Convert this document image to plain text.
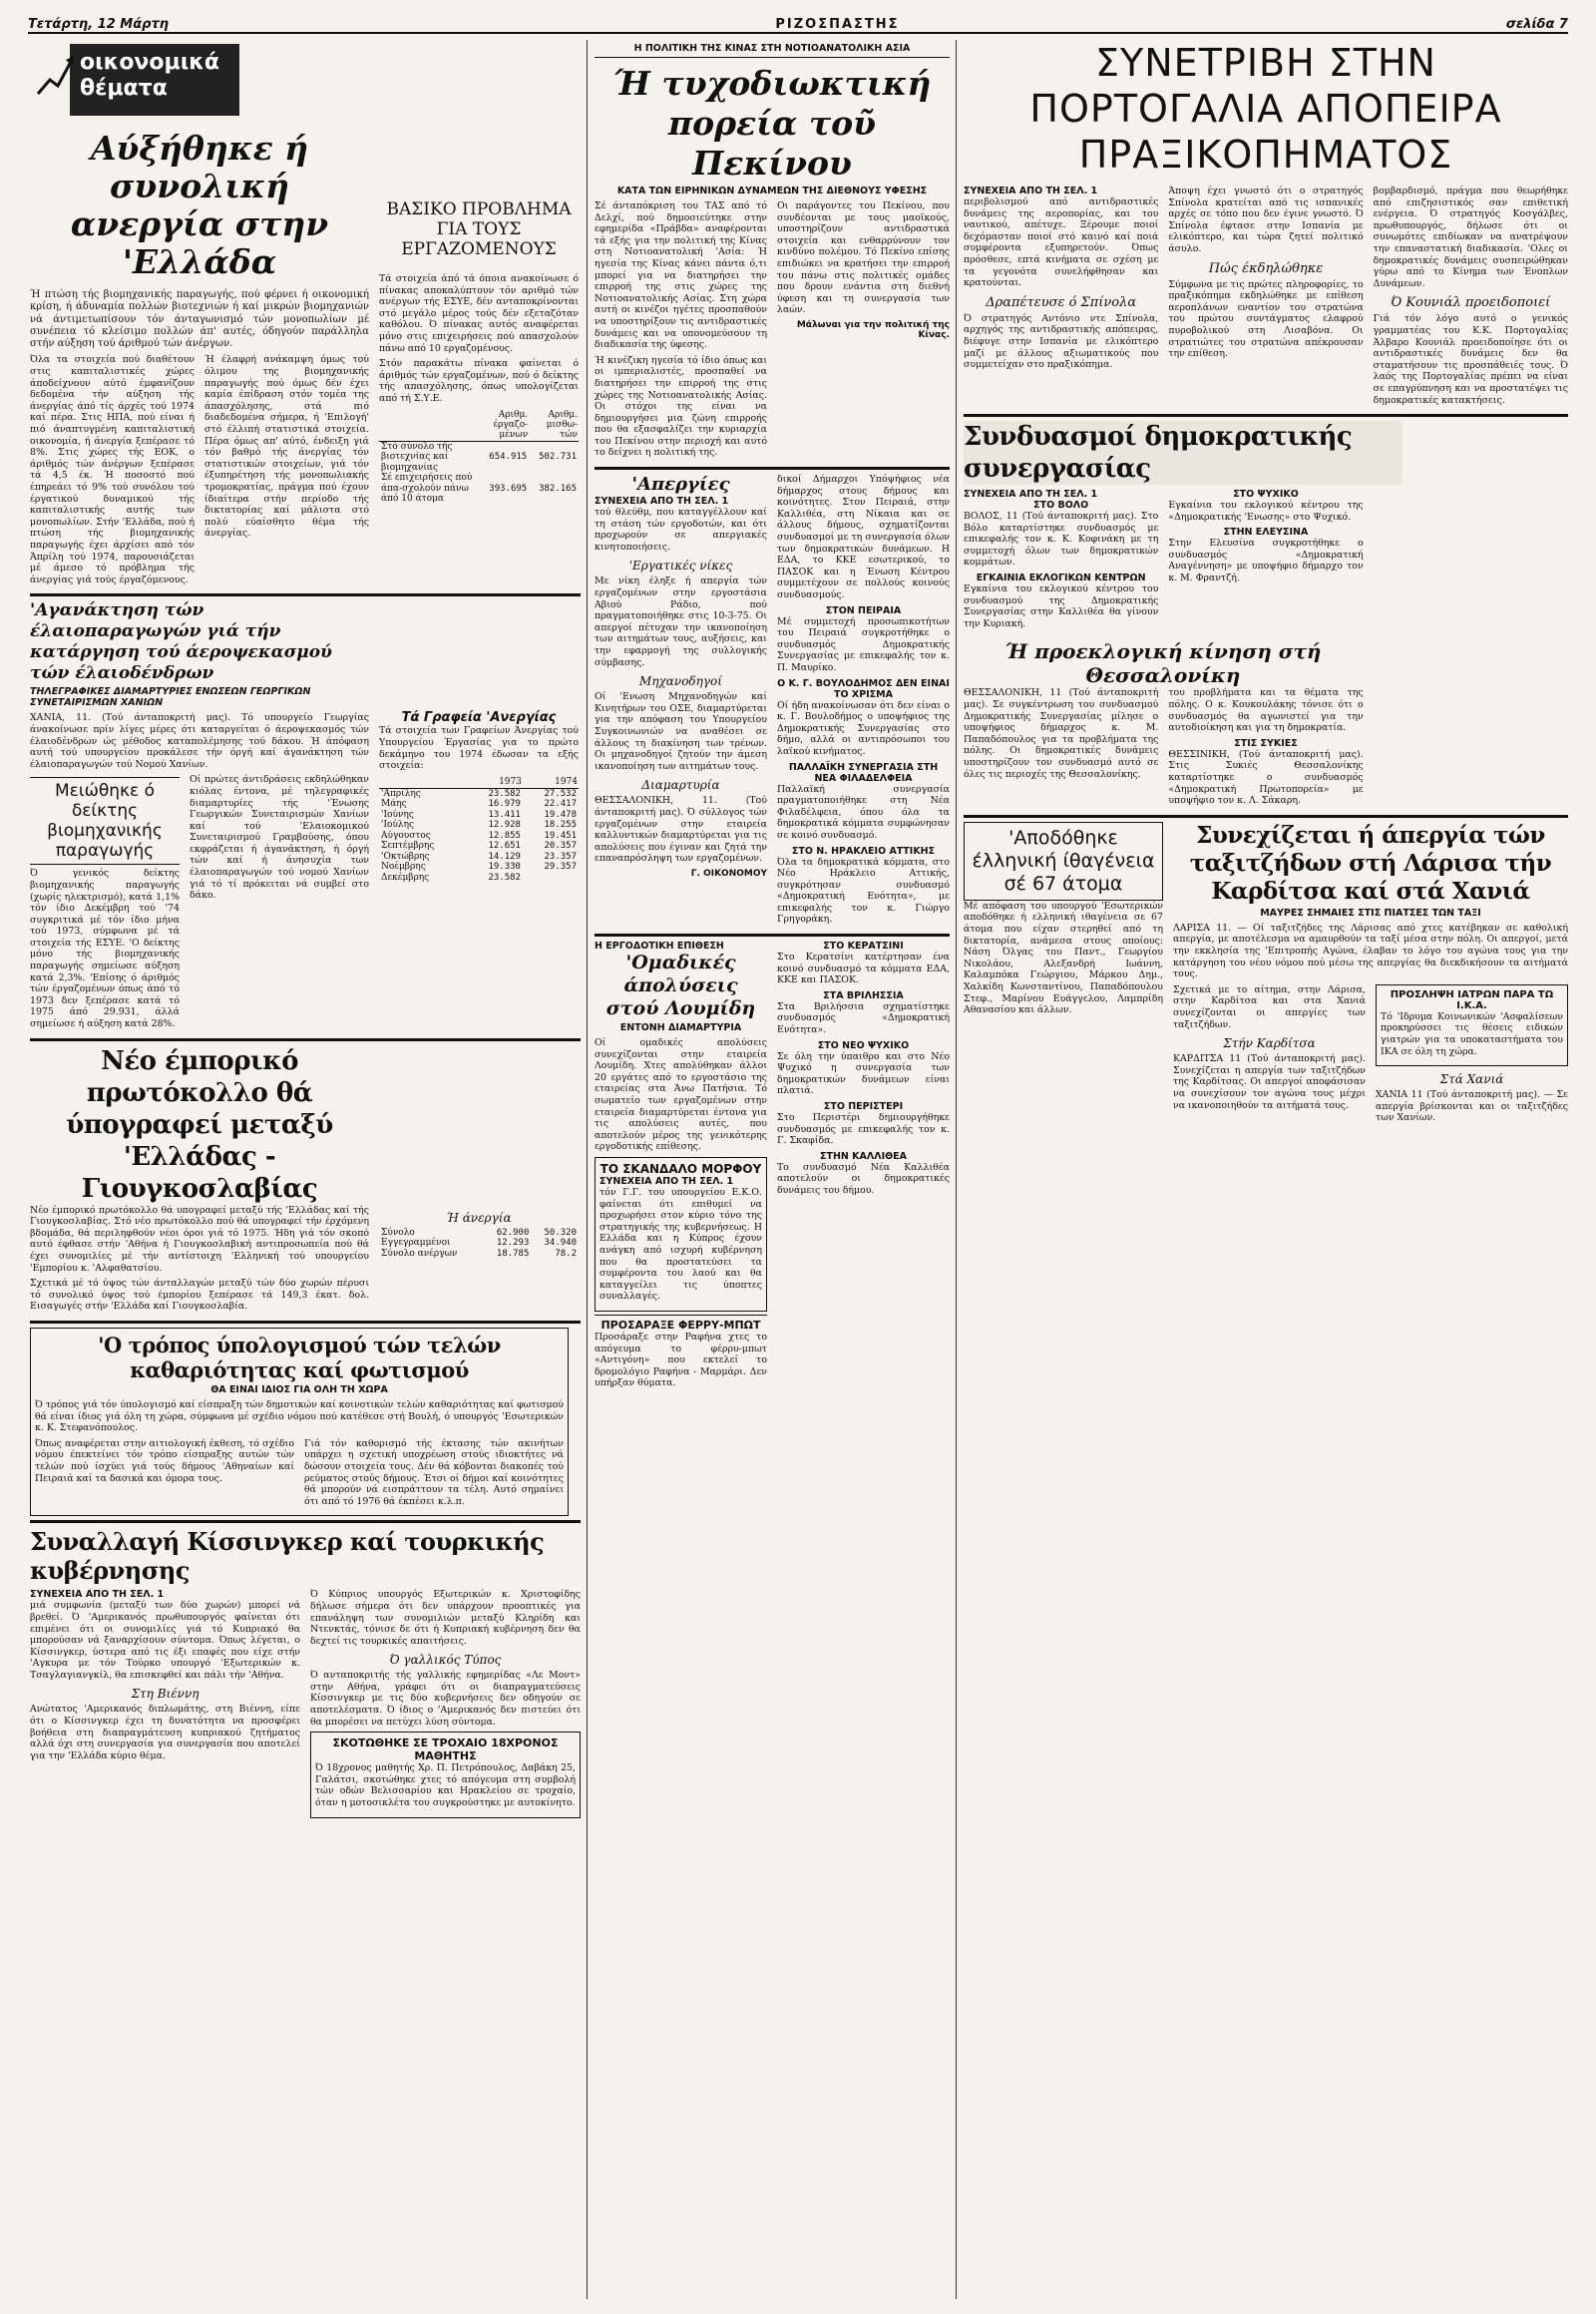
Τετάρτη, 12 Μάρτη	ΡΙΖΟΣΠΑΣΤΗΣ	σελίδα 7
οικονομικά θέματα
Αύξήθηκε ή συνολική ανεργία στην 'Ελλάδα

Ή πτώση τής βιομηχανικής παραγωγής, πού φέρνει ή οικονομική κρίση, ή άδυναμία πολλών βιοτεχνιών ή καί μικρών βιομηχανιών νά άντιμετωπίσουν τόν άνταγωνισμό τών μονοπωλίων μέ συνέπεια τό κλείσιμο πολλών άπ' αυτές, όδηγούν παράλληλα στήν αύξηση τού άριθμού τών άνέργων.

Όλα τα στοιχεία πού διαθέτουν στις καπιταλιστικές χώρες άποδείχνουν αύτό έμφανίζουν δεδομένα τήν αύξηση τής άνεργίας άπό τίς άρχές τού 1974 καί πέρα. Στις ΗΠΑ, πού είναι ή πιό άναπτυγμένη καπιταλιστική οικονομία, ή άνεργία ξεπέρασε τό 8%. Στις χώρες τής ΕΟΚ, ο άριθμός τών άνέργων ξεπέρασε τά 4,5 έκ. Ή ποσοστό πού έπηρεάει τό 9% τού συνόλου τού έργατικού δυναμικού τής καπιταλιστικής αυτής των μονοπωλίων. Στήν 'Ελλάδα, πού ή πτώση τής βιομηχανικής παραγωγής έχει άρχίσει από τόν Άπρίλη τού 1974, παρουσιάζεται μέ άμεσο τό πρόβλημα τής άνεργίας γιά τούς έργαζόμενους.

Ή έλαφρή ανάκαμψη όμως τού όλιμου της βιομηχανικής παραγωγής πού όμως δέν έχει καμία έπίδραση στόν τομέα της άπασχόλησης, στά πιό διαδεδομένα σήμερα, ή 'Επιλογή' στό έλλιπή στατιστικά στοιχεία. Πέρα όμως απ' αύτό, ένδειξη γιά τόν βαθμό τής άνεργίας τόν στατιστικών στοιχείων, γιά τόν έξυπηρέτηση τής μονοπωλιακής τρομοκρατίας, πράγμα πού έχουν ίδιαίτερα στήν περίοδο τής δικτατορίας καί μάλιστα στό πολύ εύαίσθητο θέμα τής άνεργίας.

ΒΑΣΙΚΟ ΠΡΟΒΛΗΜΑ ΓΙΑ ΤΟΥΣ ΕΡΓΑΖΟΜΕΝΟΥΣ

Τά στοιχεία άπό τά όποια ανακοίνωσε ό πίνακας αποκαλύπτουν τόν αριθμό τών ανέργων τής ΕΣΥΕ, δέν ανταποκρίνονται στό μεγάλο μέρος τούς δέν εξεταζόταν καθόλου. Ό πίνακας αυτός αναφέρεται μόνο στις επιχειρήσεις πού απασχολούν πάνω από 10 εργαζομένους.

Στόν παρακάτω πίνακα φαίνεται ό άριθμός τών εργαζομένων, πού ό δείκτης τής απασχόλησης, όπως υπολογίζεται από τή Σ.Υ.Ε.

	Αριθμ. έργαζο-μένων	Αριθμ. μισθω-τών
Στό σύνολο τής βιοτεχνίας καί βιομηχανίας	654.915	502.731
Σέ επιχειρήσεις πού άπα-σχολούν πάνω άπό 10 άτομα	393.695	382.165
'Αγανάκτηση τών έλαιοπαραγωγών γιά τήν κατάργηση τού άεροψεκασμού τών έλαιοδένδρων
ΤΗΛΕΓΡΑΦΙΚΕΣ ΔΙΑΜΑΡΤΥΡΙΕΣ ΕΝΩΣΕΩΝ ΓΕΩΡΓΙΚΩΝ ΣΥΝΕΤΑΙΡΙΣΜΩΝ ΧΑΝΙΩΝ

ΧΑΝΙΑ, 11. (Τού άνταποκριτή μας). Τό υπουργείο Γεωργίας άνακοίνωσε πρίν λίγες μέρες ότι καταργείται ό άεροψεκασμός τών έλαιοδένδρων ώς μέθοδος καταπολέμησης τού δάκου. Ή άπόφαση αυτή τού υπουργείου προκάλεσε τήν όργή καί άγανάκτηση τών έλαιοπαραγωγών τού Νομού Χανίων.

Μειώθηκε ό δείκτης βιομηχανικής παραγωγής

Ό γενικός δείκτης βιομηχανικής παραγωγής (χωρίς ηλεκτρισμό), κατά 1,1% τόν ίδιο Δεκέμβρη τού '74 συγκριτικά μέ τόν ίδιο μήνα τού 1973, σύμφωνα μέ τά στοιχεία τής ΕΣΥΕ. 'Ο δείκτης μόνο τής βιομηχανικής παραγωγής σημείωσε αύξηση κατά 2,3%. 'Επίσης ό άριθμός τών έργαζομένων όπως άπό τό 1973 δεν ξεπέρασε κατά τό 1975 άπό 29.931, άλλά σημείωσε ή αύξηση κατά 28%.

Οί πρώτες άντιδράσεις εκδηλώθηκαν κιόλας έντονα, μέ τηλεγραφικές διαμαρτυρίες τής 'Ένωσης Γεωργικών Συνεταιρισμών Χανίων καί τού 'Ελαιοκομικού Συνεταιρισμού Γραμβούσης, όπου εκφράζεται ή άγανάκτηση, ή όργή τών καί ή άνησυχία των έλαιοπαραγωγών τού νομού Χανίων γιά τό τί πρόκειται νά συμβεί στο δάκο.

Τά Γραφεία 'Ανεργίας

Τά στοιχεία των Γραφείων Άνεργίας τού Υπουργείου Έργασίας για το πρώτο δεκάμηνο του 1974 έδωσαν τα εξής στοιχεία:

	1973	1974
'Απρίλης	23.582	27.532
Μάης	16.979	22.417
'Ιούνης	13.411	19.478
'Ιούλης	12.928	18.255
Αύγουστος	12.855	19.451
Σεπτέμβρης	12.651	20.357
'Οκτώβρης	14.129	23.357
Νοέμβρης	19.330	29.357
Δεκέμβρης	23.582	
Νέο έμπορικό πρωτόκολλο θά ύπογραφεί μεταξύ 'Ελλάδας - Γιουγκοσλαβίας

Νέο έμπορικό πρωτόκολλο θά υπογραφεί μεταξύ τής 'Ελλάδας καί τής Γιουγκοσλαβίας. Στό νέο πρωτόκολλο πού θά υπογραφεί τήν έρχόμενη βδομάδα, θά περιληφθούν νέοι όροι γιά τό 1975. Ήδη γιά τόν σκοπό αυτό έφθασε στήν 'Αθήνα ή Γιουγκοσλαβική αντιπροσωπεία πού θά έχει συνομιλίες μέ τήν αντίστοιχη 'Ελληνική τού υπουργείου 'Εμπορίου κ. 'Αλφαθατσίου.

Σχετικά μέ τό ύψος τών άνταλλαγών μεταξύ τών δύο χωρών πέρυσι τό συνολικό ύψος τού έμπορίου ξεπέρασε τά 149,3 έκατ. δολ. Εισαγωγές στήν 'Ελλάδα καί Γιουγκοσλαβία.

Ή άνεργία
Σύνολο	62.900	50.320
Εγγεγραμμένοι	12.293	34.940
Σύνολο ανέργων	18.785	78.2
'Ο τρόπος ύπολογισμού τών τελών καθαριότητας καί φωτισμού
ΘΑ ΕΙΝΑΙ ΙΔΙΟΣ ΓΙΑ ΟΛΗ ΤΗ ΧΩΡΑ

Ό τρόπος γιά τόν ύπολογισμό καί είσπραξη τών δημοτικών καί κοινοτικών τελών καθαριότητας καί φωτισμού θά είναι ίδιος γιά όλη τη χώρα, σύμφωνα μέ σχέδιο νόμου πού κατέθεσε στή Βουλή, ό υπουργός 'Εσωτερικών κ. Κ. Στεφανόπουλος.

Όπως αναφέρεται στην αιτιολογική έκθεση, τό σχέδιο νόμου έπεκτείνει τόν τρόπο είσπραξης αυτών τών τελών πού ίσχύει γιά τούς δήμους 'Αθηναίων καί Πειραιά καί τα δασικά και όμορα τους.

Γιά τόν καθορισμό τής έκτασης τών ακινήτων υπάρχει η σχετική υποχρέωση στούς ιδιοκτήτες νά δώσουν στοιχεία τους. Δέν θά κόβονται διακοπές τού ρεύματος στούς δήμους. Έτσι οί δήμοι καί κοινότητες θά μπορούν νά εισπράττουν τα τέλη. Αυτό σημαίνει ότι από τό 1976 θά έκπέσει κ.λ.π.

Συναλλαγή Κίσσινγκερ καί τουρκικής κυβέρνησης
ΣΥΝΕΧΕΙΑ ΑΠΟ ΤΗ ΣΕΛ. 1

μιά συμφωνία (μεταξύ των δύο χωρών) μπορεί νά βρεθεί. Ό 'Αμερικανός πρωθυπουργός φαίνεται ότι επιμένει ότι οι συνομιλίες γιά τό Κυπριακό θα μπορούσαν νά ξαναρχίσουν σύντομα. Όπως λέγεται, ο Κίσσινγκερ, ύστερα από τις έξι επαφές που είχε στήν 'Αγκυρα με τόν Τούρκο υπουργό 'Εξωτερικών κ. Τσαγλαγιανγκίλ, θα επισκεφθεί και πάλι τήν 'Αθήνα.

Στη Βιέννη

Ανώτατος 'Αμερικανός διπλωμάτης, στη Βιέννη, είπε ότι ο Κίσσινγκερ έχει τη δυνατότητα να προσφέρει βοήθεια στη διαπραγμάτευση κυπριακού ζητήματος αλλά όχι στη συνεργασία για συνεργασία που αποτελεί για την 'Ελλάδα κύριο θέμα.

Ό Κύπριος υπουργός Εξωτερικών κ. Χριστοφίδης δήλωσε σήμερα ότι δεν υπάρχουν προοπτικές για επανάληψη των συνομιλιών μεταξύ Κληρίδη και Ντενκτάς, τόνισε δε ότι ή Κυπριακή κυβέρνηση δεν θα δεχτεί τις τουρκικές απαιτήσεις.

Ό γαλλικός Τύπος

Ό ανταποκριτής τής γαλλικής εφημερίδας «Λε Μοντ» στην Αθήνα, γράφει ότι οι διαπραγματεύσεις Κίσσινγκερ με τις δύο κυβερνήσεις δεν οδηγούν σε αποτελέσματα. Ό ίδιος ο 'Αμερικανός δεν πιστεύει ότι θα μπορέσει να πετύχει λύση σύντομα.

ΣΚΟΤΩΘΗΚΕ ΣΕ ΤΡΟΧΑΙΟ 18ΧΡΟΝΟΣ ΜΑΘΗΤΗΣ

Ό 18χρονος μαθητής Χρ. Π. Πετρόπουλος, Δαβάκη 25, Γαλάτσι, σκοτώθηκε χτες τό απόγευμα στη συμβολή τών οδών Βελισσαρίου και Ηρακλείου σε τροχαίο, όταν η μοτοσικλέτα του συγκρούστηκε με αυτοκίνητο.

Η ΠΟΛΙΤΙΚΗ ΤΗΣ ΚΙΝΑΣ ΣΤΗ ΝΟΤΙΟΑΝΑΤΟΛΙΚΗ ΑΣΙΑ
Ή τυχοδιωκτική πορεία τοῦ Πεκίνου
ΚΑΤΑ ΤΩΝ ΕΙΡΗΝΙΚΩΝ ΔΥΝΑΜΕΩΝ ΤΗΣ ΔΙΕΘΝΟΥΣ ΥΦΕΣΗΣ

Σέ άνταπόκριση του ΤΑΣ από τό Δελχί, πού δημοσιεύτηκε στην εφημερίδα «Πράβδα» αναφέρονται τά εξής για την πολιτική της Κίνας στη Νοτιοανατολική 'Ασία: Ή ηγεσία της Κίνας κάνει πάντα ό,τι μπορεί για να διατηρήσει την επιρροή της στις χώρες της Νοτιοανατολικής Ασίας. Στη χώρα αυτή οι κινέζοι ηγέτες προσπαθούν να υποστηρίξουν τις αντιδραστικές δυνάμεις και να υπονομεύσουν τη διαδικασία της ύφεσης.

Ή κινέζικη ηγεσία τό ίδιο όπως και οι ιμπεριαλιστές, προσπαθεί να διατηρήσει την επιρροή της στις χώρες της Νοτιοανατολικής Ασίας. Οι στόχοι της είναι να δημιουργήσει μια ζώνη επιρροής που θα εξασφαλίζει την κυριαρχία του Πεκίνου στην περιοχή και αυτό το δείχνει η πολιτική της.

Οι παράγοντες του Πεκίνου, που συνδέονται με τους μαοϊκούς, υποστηρίζουν αντιδραστικά στοιχεία και ενθαρρύνουν τον κινδύνο πολέμου. Τό Πεκίνο επίσης επιδιώκει να κρατήσει την επιρροή του πάνω στις πολιτικές ομάδες που δρουν ενάντια στη διεθνή ύφεση και τη συνεργασία των λαών.

Μάλωναι για την πολιτική της Κίνας.
'Απεργίες
ΣΥΝΕΧΕΙΑ ΑΠΟ ΤΗ ΣΕΛ. 1

τού θλεύθμ, που καταγγέλλουν καί τη στάση τών εργοδοτών, και ότι προχωρούν σε απεργιακές κινητοποιήσεις.

'Εργατικές νίκες

Με νίκη έληξε ή απεργία τών εργαζομένων στην εργοστάσια Αβιού Ράδιο, πού πραγματοποιήθηκε στις 10-3-75. Οι απεργοί πέτυχαν την ικανοποίηση των αιτημάτων τους, αυξήσεις, και την εφαρμογή της συλλογικής σύμβασης.

Μηχανοδηγοί

Οί 'Ενωση Μηχανοδηγών καί Κινητήρων του ΟΣΕ, διαμαρτύρεται για την απόφαση του Υπουργείου Συγκοινωνιών να αναθέσει σε άλλους τη διακίνηση των τρένων. Οι μηχανοδηγοί ζητούν την άμεση ικανοποίηση των αιτημάτων τους.

Διαμαρτυρία

ΘΕΣΣΑΛΟΝΙΚΗ, 11. (Τού άνταποκριτή μας). Ό σύλλογος τών εργαζομένων στην εταιρεία καλλυντικών διαμαρτύρεται για τις απολύσεις που έγιναν και ζητά την επαναπρόσληψη των εργαζομένων.

Γ. ΟΙΚΟΝΟΜΟΥ

δικοί Δήμαρχοι Υπόψήφιος νέα δήμαρχος στους δήμους και κοινότητες. Στον Πειραιά, στην Καλλιθέα, στη Νίκαια και σε άλλους δήμους, σχηματίζονται συνδυασμοί με τη συνεργασία όλων των δημοκρατικών δυνάμεων. Η ΕΔΑ, το ΚΚΕ εσωτερικού, το ΠΑΣΟΚ και η Ένωση Κέντρου συμμετέχουν σε πολλούς κοινούς συνδυασμούς.

ΣΤΟΝ ΠΕΙΡΑΙΑ

Μέ συμμετοχή προσωπικοτήτων του Πειραιά συγκροτήθηκε ο συνδυασμός Δημοκρατικής Συνεργασίας με επικεφαλής τον κ. Π. Μαυρίκο.

Ο Κ. Γ. ΒΟΥΛΟΔΗΜΟΣ ΔΕΝ ΕΙΝΑΙ ΤΟ ΧΡΙΣΜΑ

Οί ήδη ανακοίνωσαν ότι δεν είναι ο κ. Γ. Βουλοδήμος ο υποψήφιος της Δημοκρατικής Συνεργασίας στο δήμο, αλλά οι αντιπρόσωποι του λαϊκού κινήματος.

ΠΑΛΛΑΪΚΗ ΣΥΝΕΡΓΑΣΙΑ ΣΤΗ ΝΕΑ ΦΙΛΑΔΕΛΦΕΙΑ

Παλλαϊκή συνεργασία πραγματοποιήθηκε στη Νέα Φιλαδέλφεια, όπου όλα τα δημοκρατικά κόμματα συμφώνησαν σε κοινό συνδυασμό.

ΣΤΟ Ν. ΗΡΑΚΛΕΙΟ ΑΤΤΙΚΗΣ

Όλα τα δημοκρατικά κόμματα, στο Νέο Ηράκλειο Αττικής, συγκρότησαν συνδυασμό «Δημοκρατική Ενότητα», με επικεφαλής τον κ. Γιώργο Γρηγοράκη.

Η ΕΡΓΟΔΟΤΙΚΗ ΕΠΙΘΕΣΗ
'Ομαδικές άπολύσεις στού Λουμίδη
ΕΝΤΟΝΗ ΔΙΑΜΑΡΤΥΡΙΑ

Οί ομαδικές απολύσεις συνεχίζονται στην εταιρεία Λουμίδη. Χτες απολύθηκαν άλλοι 20 εργάτες από το εργοστάσιο της εταιρείας στα Άνω Πατήσια. Τό σωματείο των εργαζομένων στην εταιρεία διαμαρτύρεται έντονα για τις απολύσεις αυτές, που αποτελούν μέρος της γενικότερης εργοδοτικής επίθεσης.

ΤΟ ΣΚΑΝΔΑΛΟ ΜΟΡΦΟΥ
ΣΥΝΕΧΕΙΑ ΑΠΟ ΤΗ ΣΕΛ. 1

τόν Γ.Γ. του υπουργείου Ε.Κ.Ο. φαίνεται ότι επιθυμεί να προχωρήσει στον κύριο τόνο της στρατηγικής της κυβερνήσεως. Η Ελλάδα και η Κύπρος έχουν ανάγκη από ισχυρή κυβέρνηση που θα προστατεύσει τα συμφέροντα του λαού και θα καταγγείλει τις ύποπτες συναλλαγές.

ΠΡΟΣΑΡΑΞΕ ΦΕΡΡΥ-ΜΠΩΤ

Προσάραξε στην Ραφήνα χτες το απόγευμα το φέρρυ-μπωτ «Αντιγόνη» που εκτελεί το δρομολόγιο Ραφήνα - Μαρμάρι. Δεν υπήρξαν θύματα.

ΣΤΟ ΚΕΡΑΤΣΙΝΙ

Στο Κερατσίνι κατέρτησαν ένα κοινό συνδυασμό τα κόμματα ΕΔΑ, ΚΚΕ και ΠΑΣΟΚ.

ΣΤΑ ΒΡΙΛΗΣΣΙΑ

Στα Βριλήσσια σχηματίστηκε συνδυασμός «Δημοκρατική Ενότητα».

ΣΤΟ ΝΕΟ ΨΥΧΙΚΟ

Σε όλη την ύπαιθρο και στο Νέο Ψυχικό η συνεργασία των δημοκρατικών δυνάμεων είναι πλατιά.

ΣΤΟ ΠΕΡΙΣΤΕΡΙ

Στο Περιστέρι δημιουργήθηκε συνδυασμός με επικεφαλής τον κ. Γ. Σκαφίδα.

ΣΤΗΝ ΚΑΛΛΙΘΕΑ

Το συνδυασμό Νέα Καλλιθέα αποτελούν οι δημοκρατικές δυνάμεις του δήμου.

ΣΥΝΕΤΡΙΒΗ ΣΤΗΝ ΠΟΡΤΟΓΑΛΙΑ ΑΠΟΠΕΙΡΑ ΠΡΑΞΙΚΟΠΗΜΑΤΟΣ
ΣΥΝΕΧΕΙΑ ΑΠΟ ΤΗ ΣΕΛ. 1

περιβολισμού από αντιδραστικές δυνάμεις της αεροπορίας, και του ναυτικού, απέτυχε. Ξέρουμε ποιοί δεχόμασταν ποιοί στό καινό καί ποιά συμφέροντα εξυπηρετούν. Όπως πρόσθεσε, επτά κινήματα σε σχέση με τα γεγονότα συνελήφθησαν και κρατούνται.

Δραπέτευσε ό Σπίνολα

Ό στρατηγός Αντόνιο ντε Σπίνολα, αρχηγός της αντιδραστικής απόπειρας, διέφυγε στην Ισπανία με ελικόπτερο μαζί με άλλους αξιωματικούς που συμμετείχαν στο πραξικόπημα.

Άποψη έχει γνωστό ότι ο στρατηγός Σπίνολα κρατείται από τις ισπανικές αρχές σε τόπο που δεν έγινε γνωστό. Ό Σπίνολα έφτασε στην Ισπανία με ελικόπτερο, και τώρα ζητεί πολιτικό άσυλο.

Πώς έκδηλώθηκε

Σύμφωνα με τις πρώτες πληροφορίες, το πραξικόπημα εκδηλώθηκε με επίθεση αεροπλάνων εναντίον του στρατώνα του πρώτου συντάγματος ελαφρού πυροβολικού στη Λισαβόνα. Οι στρατιώτες του στρατώνα απέκρουσαν την επίθεση.

βομβαρδισμό, πράγμα που θεωρήθηκε από επιζησιστικός σαν επιθετική ενέργεια. Ό στρατηγός Κοσγάλβες, πρωθυπουργός, δήλωσε ότι οι συνωμότες επιδίωκαν να ανατρέψουν την επαναστατική διαδικασία. 'Ολες οι δημοκρατικές δυνάμεις συσπειρώθηκαν γύρω από το Κίνημα των Ένοπλων Δυνάμεων.

Ό Κουνιάλ προειδοποιεί

Γιά τόν λόγο αυτό ο γενικός γραμματέας του Κ.Κ. Πορτογαλίας Άλβαρο Κουνιάλ προειδοποίησε ότι οι αντιδραστικές δυνάμεις δεν θα σταματήσουν τις προσπάθειές τους. Ό λαός της Πορτογαλίας πρέπει να είναι σε επαγρύπνηση και να προστατέψει τις δημοκρατικές κατακτήσεις.

Συνδυασμοί δημοκρατικής συνεργασίας
ΣΥΝΕΧΕΙΑ ΑΠΟ ΤΗ ΣΕΛ. 1
ΣΤΟ ΒΟΛΟ

ΒΟΛΟΣ, 11 (Τού άνταποκριτή μας). Στο Βόλο καταρτίστηκε συνδυασμός με επικεφαλής τον κ. Κ. Κοφινάκη με τη συμμετοχή όλων των δημοκρατικών κομμάτων.

ΕΓΚΑΙΝΙΑ ΕΚΛΟΓΙΚΩΝ ΚΕΝΤΡΩΝ

Εγκαίνια του εκλογικού κέντρου του συνδυασμού της Δημοκρατικής Συνεργασίας στην Καλλιθέα θα γίνουν την Κυριακή.

ΣΤΟ ΨΥΧΙΚΟ

Εγκαίνια του εκλογικού κέντρου της «Δημοκρατικής 'Ενωσης» στο Ψυχικό.

ΣΤΗΝ ΕΛΕΥΣΙΝΑ

Στην Ελευσίνα συγκροτήθηκε ο συνδυασμός «Δημοκρατική Αναγέννηση» με υποψήφιο δήμαρχο τον κ. Μ. Φραντζή.

Ή προεκλογική κίνηση στή Θεσσαλονίκη

ΘΕΣΣΑΛΟΝΙΚΗ, 11 (Τού άνταποκριτή μας). Σε συγκέντρωση του συνδυασμού Δημοκρατικής Συνεργασίας μίλησε ο υποψήφιος δήμαρχος κ. Μ. Παπαδόπουλος για τα προβλήματα της πόλης. Οι δημοκρατικές δυνάμεις υποστηρίζουν τον συνδυασμό αυτό σε όλες τις περιοχές της Θεσσαλονίκης.

του προβλήματα και τα θέματα της πόλης. Ο κ. Κουκουλάκης τόνισε ότι ο συνδυασμός θα αγωνιστεί για την αυτοδιοίκηση και για τη δημοκρατία.

ΣΤΙΣ ΣΥΚΙΕΣ

ΘΕΣΣΙΝΙΚΗ, (Τού άνταποκριτή μας). Στις Συκιές Θεσσαλονίκης καταρτίστηκε ο συνδυασμός «Δημοκρατική Πρωτοπορεία» με υποψήφιο τον κ. Λ. Σάκαρη.

'Αποδόθηκε έλληνική ίθαγένεια σέ 67 άτομα

Μέ απόφαση του υπουργού 'Εσωτερικών αποδόθηκε ή ελληνική ιθαγένεια σε 67 άτομα που είχαν στερηθεί από τη δικτατορία, ανάμεσα στους οποίους: Νάση Όλγας του Παντ., Γεωργίου Νικολάου, Αλεξανδρή Ιωάννη, Καλαμπόκα Γεώργιου, Μάρκου Δημ., Χαλκίδη Κωνσταντίνου, Παπαδόπουλου Στεφ., Μαρίνου Ευάγγελου, Λαμπρίδη Αθανασίου και άλλων.

Συνεχίζεται ή άπεργία τών ταξιτζήδων στή Λάρισα τήν Καρδίτσα καί στά Χανιά
ΜΑΥΡΕΣ ΣΗΜΑΙΕΣ ΣΤΙΣ ΠΙΑΤΣΕΣ ΤΩΝ ΤΑΞΙ

ΛΑΡΙΣΑ 11. — Οί ταξιτζήδες της Λάρισας από χτες κατέβηκαν σε καθολική απεργία, με αποτέλεσμα να αμαυρθούν τα ταξί μέσα στην πόλη. Οι απεργοί, μετά την εκκλησία της 'Επιτροπής Αγώνα, έλαβαν το λόγο του αγώνα τους για την κατάργηση του νέου νόμου πού μέσω της απεργίας θα διεκδικήσουν τα αιτήματά τους.

Σχετικά με το αίτημα, στην Λάρισα, στην Καρδίτσα και στα Χανιά συνεχίζονται οι απεργίες των ταξιτζήδων.

Στήν Καρδίτσα

ΚΑΡΔΙΤΣΑ 11 (Τού άνταποκριτή μας). Συνεχίζεται η απεργία των ταξιτζήδων της Καρδίτσας. Οι απεργοί αποφάσισαν να συνεχίσουν τον αγώνα τους μέχρι να ικανοποιηθούν τα αιτήματά τους.

ΠΡΟΣΛΗΨΗ ΙΑΤΡΩΝ ΠΑΡΑ ΤΩ Ι.Κ.Α.

Τό 'Ιδρυμα Κοινωνικών 'Ασφαλίσεων προκηρύσσει τις θέσεις ειδικών γιατρών για τα υποκαταστήματα του ΙΚΑ σε όλη τη χώρα.

Στά Χανιά

ΧΑΝΙΑ 11 (Τού άνταποκριτή μας). — Σε απεργία βρίσκονται και οι ταξιτζήδες των Χανίων.
